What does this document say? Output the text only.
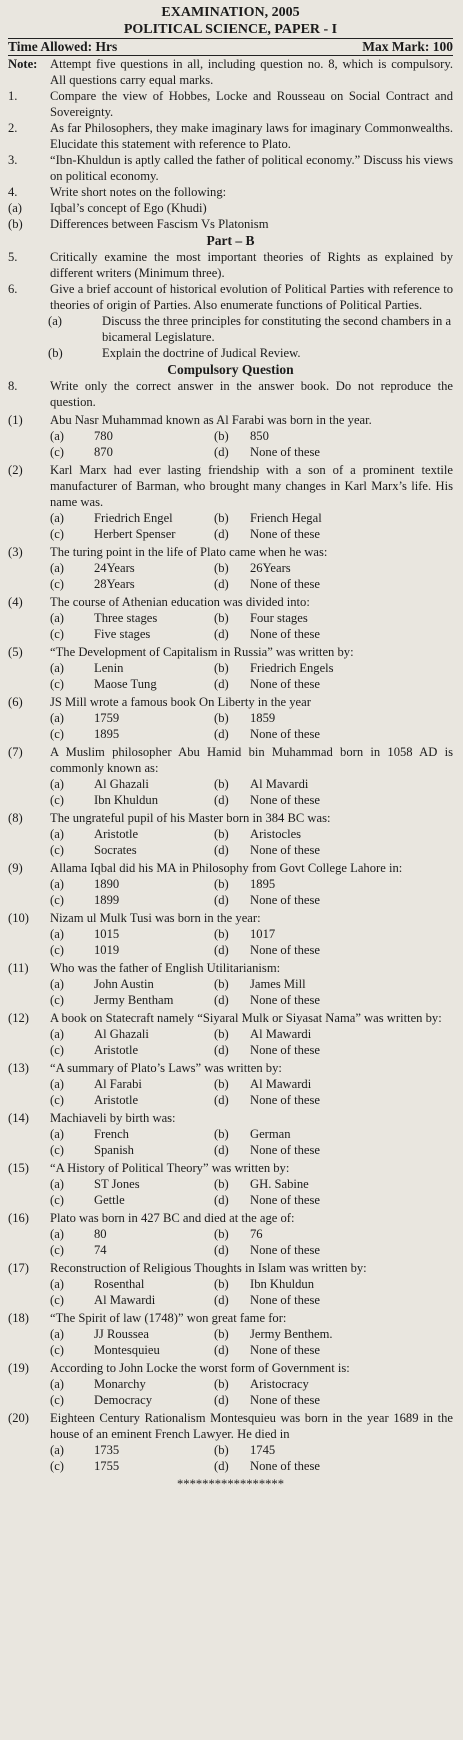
EXAMINATION, 2005
POLITICAL SCIENCE, PAPER - I
Time Allowed: Hrs	Max Mark: 100
Note:	Attempt five questions in all, including question no. 8, which is compulsory. All questions carry equal marks.
1.	Compare the view of Hobbes, Locke and Rousseau on Social Contract and Sovereignty.
2.	As far Philosophers, they make imaginary laws for imaginary Commonwealths. Elucidate this statement with reference to Plato.
3.	“Ibn-Khuldun is aptly called the father of political economy.” Discuss his views on political economy.
4.	Write short notes on the following:
(a)	Iqbal’s concept of Ego (Khudi)
(b)	Differences between Fascism Vs Platonism
Part – B
5.	Critically examine the most important theories of Rights as explained by different writers (Minimum three).
6.	Give a brief account of historical evolution of Political Parties with reference to theories of origin of Parties. Also enumerate functions of Political Parties.
(a)	Discuss the three principles for constituting the second chambers in a bicameral Legislature.
(b)	Explain the doctrine of Judical Review.
Compulsory Question
8.	Write only the correct answer in the answer book. Do not reproduce the question.
(1)	Abu Nasr Muhammad known as Al Farabi was born in the year.
(a)	780	(b)	850
(c)	870	(d)	None of these
(2)	Karl Marx had ever lasting friendship with a son of a prominent textile manufacturer of Barman, who brought many changes in Karl Marx’s life. His name was.
(a)	Friedrich Engel	(b)	Friench Hegal
(c)	Herbert Spenser	(d)	None of these
(3)	The turing point in the life of Plato came when he was:
(a)	24Years	(b)	26Years
(c)	28Years	(d)	None of these
(4)	The course of Athenian education was divided into:
(a)	Three stages	(b)	Four stages
(c)	Five stages	(d)	None of these
(5)	“The Development of Capitalism in Russia” was written by:
(a)	Lenin	(b)	Friedrich Engels
(c)	Maose Tung	(d)	None of these
(6)	JS Mill wrote a famous book On Liberty in the year
(a)	1759	(b)	1859
(c)	1895	(d)	None of these
(7)	A Muslim philosopher Abu Hamid bin Muhammad born in 1058 AD is commonly known as:
(a)	Al Ghazali	(b)	Al Mavardi
(c)	Ibn Khuldun	(d)	None of these
(8)	The ungrateful pupil of his Master born in 384 BC was:
(a)	Aristotle	(b)	Aristocles
(c)	Socrates	(d)	None of these
(9)	Allama Iqbal did his MA in Philosophy from Govt College Lahore in:
(a)	1890	(b)	1895
(c)	1899	(d)	None of these
(10)	Nizam ul Mulk Tusi was born in the year:
(a)	1015	(b)	1017
(c)	1019	(d)	None of these
(11)	Who was the father of English Utilitarianism:
(a)	John Austin	(b)	James Mill
(c)	Jermy Bentham	(d)	None of these
(12)	A book on Statecraft namely “Siyaral Mulk or Siyasat Nama” was written by:
(a)	Al Ghazali	(b)	Al Mawardi
(c)	Aristotle	(d)	None of these
(13)	“A summary of Plato’s Laws” was written by:
(a)	Al Farabi	(b)	Al Mawardi
(c)	Aristotle	(d)	None of these
(14)	Machiaveli by birth was:
(a)	French	(b)	German
(c)	Spanish	(d)	None of these
(15)	“A History of Political Theory” was written by:
(a)	ST Jones	(b)	GH. Sabine
(c)	Gettle	(d)	None of these
(16)	Plato was born in 427 BC and died at the age of:
(a)	80	(b)	76
(c)	74	(d)	None of these
(17)	Reconstruction of Religious Thoughts in Islam was written by:
(a)	Rosenthal	(b)	Ibn Khuldun
(c)	Al Mawardi	(d)	None of these
(18)	“The Spirit of law (1748)” won great fame for:
(a)	JJ Roussea	(b)	Jermy Benthem.
(c)	Montesquieu	(d)	None of these
(19)	According to John Locke the worst form of Government is:
(a)	Monarchy	(b)	Aristocracy
(c)	Democracy	(d)	None of these
(20)	Eighteen Century Rationalism Montesquieu was born in the year 1689 in the house of an eminent French Lawyer. He died in
(a)	1735	(b)	1745
(c)	1755	(d)	None of these
*****************
